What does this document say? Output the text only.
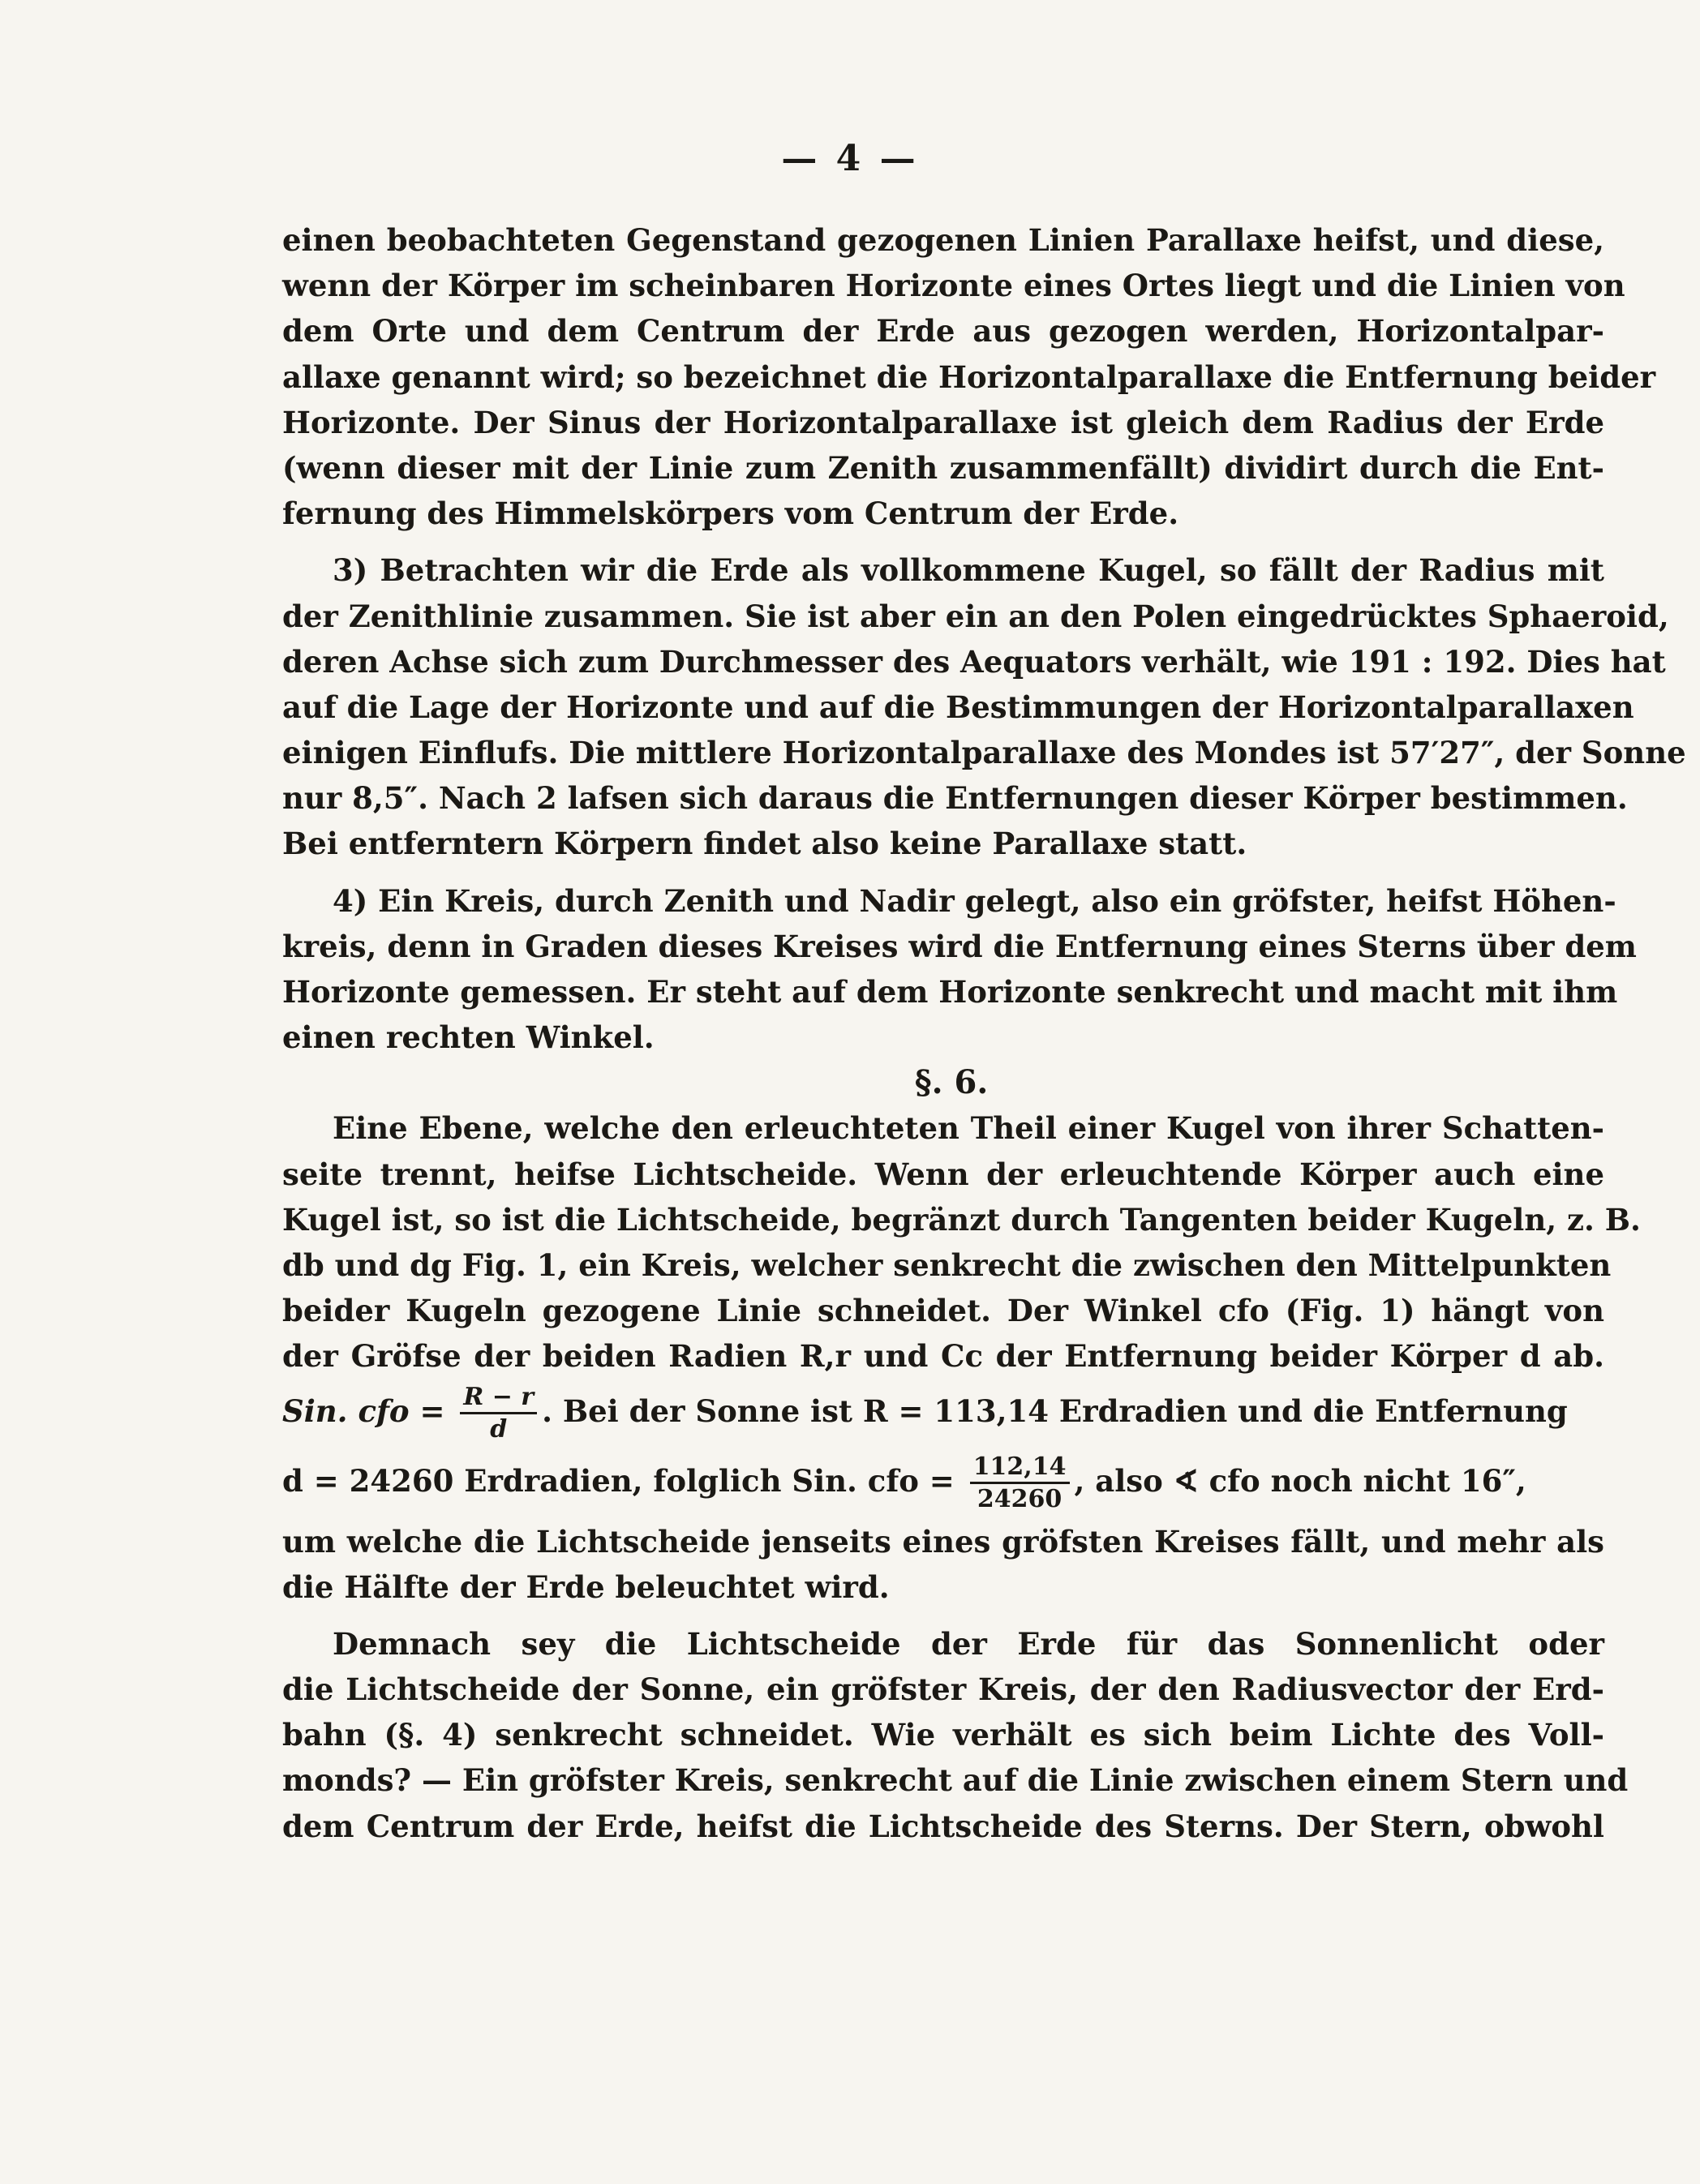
— 4 —
einen beobachteten Gegenstand gezogenen Linien Parallaxe heifst, und diese,
wenn der Körper im scheinbaren Horizonte eines Ortes liegt und die Linien von
dem Orte und dem Centrum der Erde aus gezogen werden, Horizontalpar-
allaxe genannt wird; so bezeichnet die Horizontalparallaxe die Entfernung beider
Horizonte. Der Sinus der Horizontalparallaxe ist gleich dem Radius der Erde
(wenn dieser mit der Linie zum Zenith zusammenfällt) dividirt durch die Ent-
fernung des Himmelskörpers vom Centrum der Erde.
3) Betrachten wir die Erde als vollkommene Kugel, so fällt der Radius mit
der Zenithlinie zusammen. Sie ist aber ein an den Polen eingedrücktes Sphaeroid,
deren Achse sich zum Durchmesser des Aequators verhält, wie 191 : 192. Dies hat
auf die Lage der Horizonte und auf die Bestimmungen der Horizontalparallaxen
einigen Einflufs. Die mittlere Horizontalparallaxe des Mondes ist 57′27″, der Sonne
nur 8,5″. Nach 2 lafsen sich daraus die Entfernungen dieser Körper bestimmen.
Bei entferntern Körpern findet also keine Parallaxe statt.
4) Ein Kreis, durch Zenith und Nadir gelegt, also ein gröfster, heifst Höhen-
kreis, denn in Graden dieses Kreises wird die Entfernung eines Sterns über dem
Horizonte gemessen. Er steht auf dem Horizonte senkrecht und macht mit ihm
einen rechten Winkel.
§. 6.
Eine Ebene, welche den erleuchteten Theil einer Kugel von ihrer Schatten-
seite trennt, heifse Lichtscheide. Wenn der erleuchtende Körper auch eine
Kugel ist, so ist die Lichtscheide, begränzt durch Tangenten beider Kugeln, z. B.
db und dg Fig. 1, ein Kreis, welcher senkrecht die zwischen den Mittelpunkten
beider Kugeln gezogene Linie schneidet. Der Winkel cfo (Fig. 1) hängt von
der Gröfse der beiden Radien R,r und Cc der Entfernung beider Körper d ab.
Sin. cfo = $\frac{R - r}{d}$ . Bei der Sonne ist R = 113,14 Erdradien und die Entfernung
d = 24260 Erdradien, folglich Sin. cfo = $\frac{112,14}{24260}$ , also ∢ cfo noch nicht 16″,
um welche die Lichtscheide jenseits eines gröfsten Kreises fällt, und mehr als
die Hälfte der Erde beleuchtet wird.
Demnach sey die Lichtscheide der Erde für das Sonnenlicht oder
die Lichtscheide der Sonne, ein gröfster Kreis, der den Radiusvector der Erd-
bahn (§. 4) senkrecht schneidet. Wie verhält es sich beim Lichte des Voll-
monds? — Ein gröfster Kreis, senkrecht auf die Linie zwischen einem Stern und
dem Centrum der Erde, heifst die Lichtscheide des Sterns. Der Stern, obwohl
